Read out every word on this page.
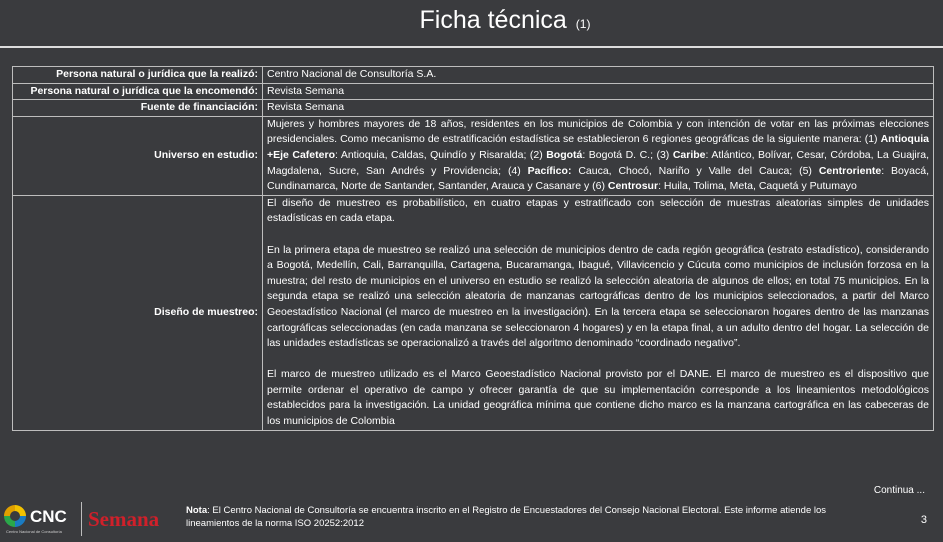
Ficha técnica (1)
Persona natural o jurídica que la realizó:	Centro Nacional de Consultoría S.A.
Persona natural o jurídica que la encomendó:	Revista Semana
Fuente de financiación:	Revista Semana
Universo en estudio:	Mujeres y hombres mayores de 18 años, residentes en los municipios de Colombia y con intención de votar en las próximas elecciones presidenciales. Como mecanismo de estratificación estadística se establecieron 6 regiones geográficas de la siguiente manera: (1) Antioquia +Eje Cafetero: Antioquia, Caldas, Quindío y Risaralda; (2) Bogotá: Bogotá D. C.; (3) Caribe: Atlántico, Bolívar, Cesar, Córdoba, La Guajira, Magdalena, Sucre, San Andrés y Providencia; (4) Pacífico: Cauca, Chocó, Nariño y Valle del Cauca; (5) Centroriente: Boyacá, Cundinamarca, Norte de Santander, Santander, Arauca y Casanare y (6) Centrosur: Huila, Tolima, Meta, Caquetá y Putumayo
Diseño de muestreo:	El diseño de muestreo es probabilístico, en cuatro etapas y estratificado con selección de muestras aleatorias simples de unidades estadísticas en cada etapa.

En la primera etapa de muestreo se realizó una selección de municipios dentro de cada región geográfica (estrato estadístico), considerando a Bogotá, Medellín, Cali, Barranquilla, Cartagena, Bucaramanga, Ibagué, Villavicencio y Cúcuta como municipios de inclusión forzosa en la muestra; del resto de municipios en el universo en estudio se realizó la selección aleatoria de algunos de ellos; en total 75 municipios. En la segunda etapa se realizó una selección aleatoria de manzanas cartográficas dentro de los municipios seleccionados, a partir del Marco Geoestadístico Nacional (el marco de muestreo en la investigación). En la tercera etapa se seleccionaron hogares dentro de las manzanas cartográficas seleccionadas (en cada manzana se seleccionaron 4 hogares) y en la etapa final, a un adulto dentro del hogar. La selección de las unidades estadísticas se operacionalizó a través del algoritmo denominado “coordinado negativo”.

El marco de muestreo utilizado es el Marco Geoestadístico Nacional provisto por el DANE. El marco de muestreo es el dispositivo que permite ordenar el operativo de campo y ofrecer garantía de que su implementación corresponde a los lineamientos metodológicos establecidos para la investigación. La unidad geográfica mínima que contiene dicho marco es la manzana cartográfica en las cabeceras de los municipios de Colombia

Continua ...
CNC
Centro Nacional de Consultoría
Semana	Nota: El Centro Nacional de Consultoría se encuentra inscrito en el Registro de Encuestadores del Consejo Nacional Electoral. Este informe atiende los lineamientos de la norma ISO 20252:2012	3
